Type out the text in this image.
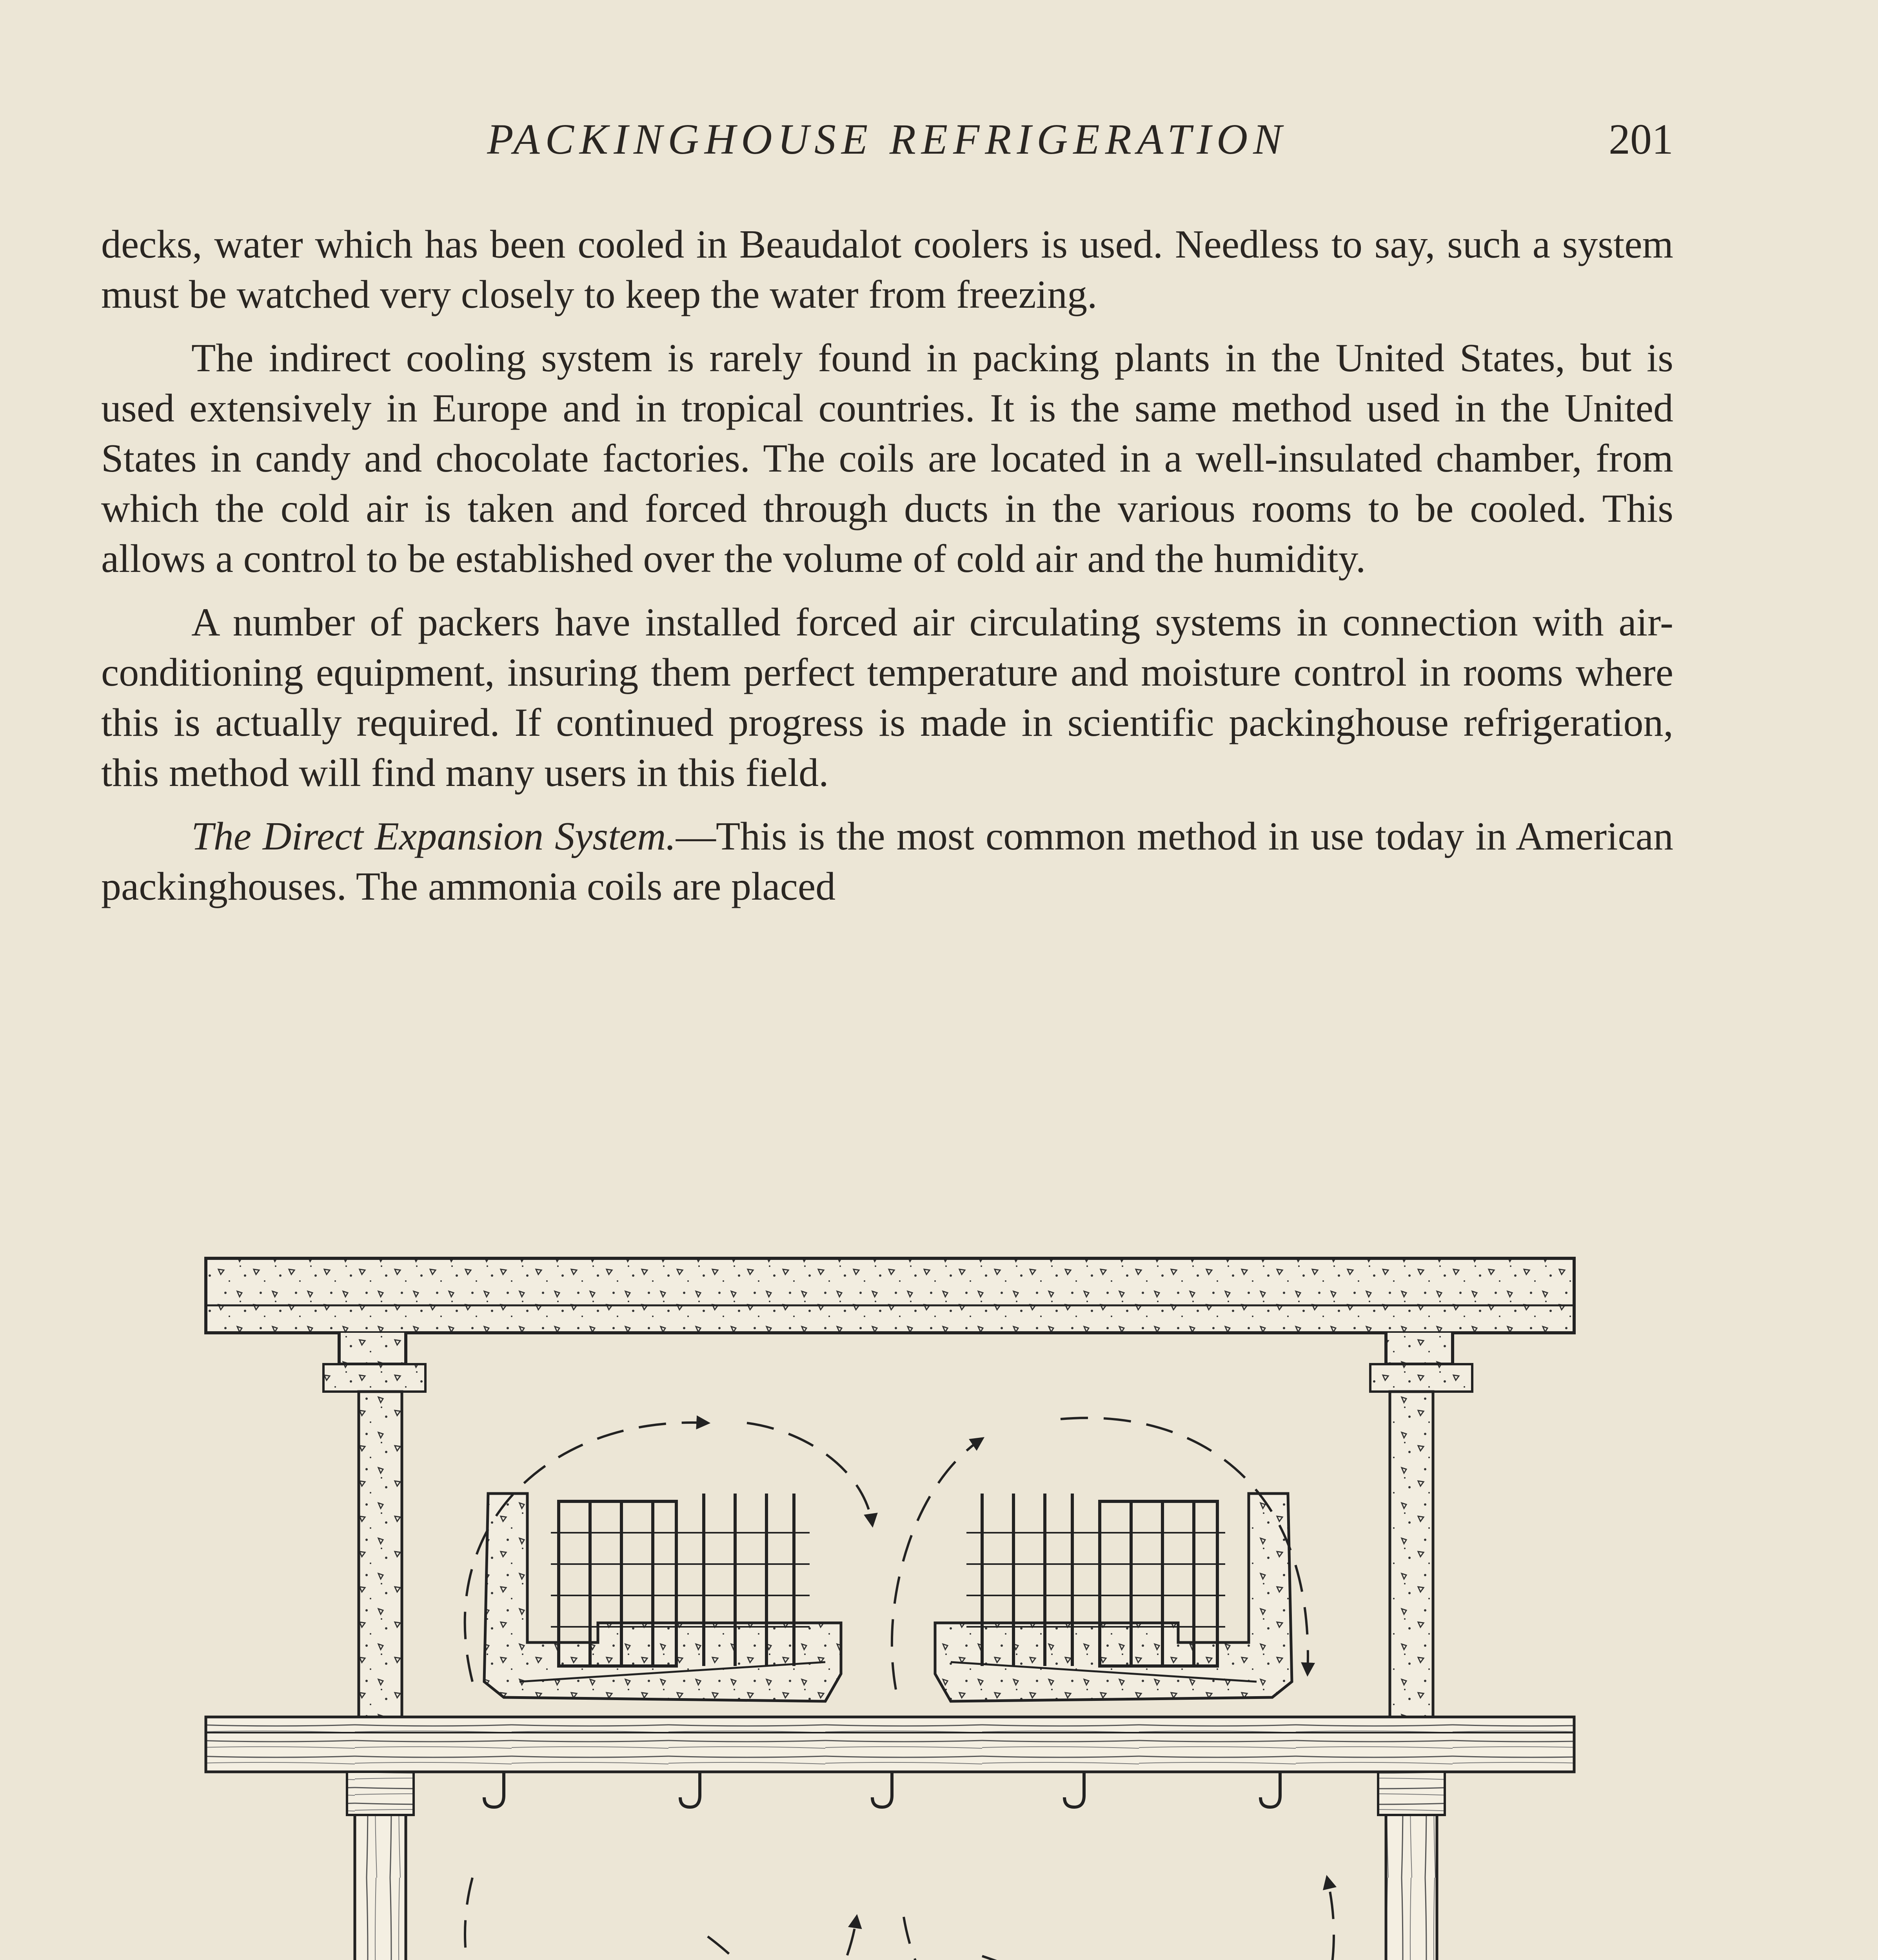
PACKINGHOUSE REFRIGERATION	201

decks, water which has been cooled in Beaudalot coolers is used. Needless to say, such a system must be watched very closely to keep the water from freezing.

The indirect cooling system is rarely found in packing plants in the United States, but is used extensively in Europe and in tropical countries. It is the same method used in the United States in candy and chocolate factories. The coils are located in a well-insulated chamber, from which the cold air is taken and forced through ducts in the various rooms to be cooled. This allows a control to be established over the volume of cold air and the humidity.

A number of packers have installed forced air circulating systems in connection with air-conditioning equipment, insuring them perfect temperature and moisture control in rooms where this is actually required. If continued progress is made in scientific packinghouse refrigeration, this method will find many users in this field.

The Direct Expansion System.—This is the most common method in use today in American packinghouses. The ammonia coils are placed
